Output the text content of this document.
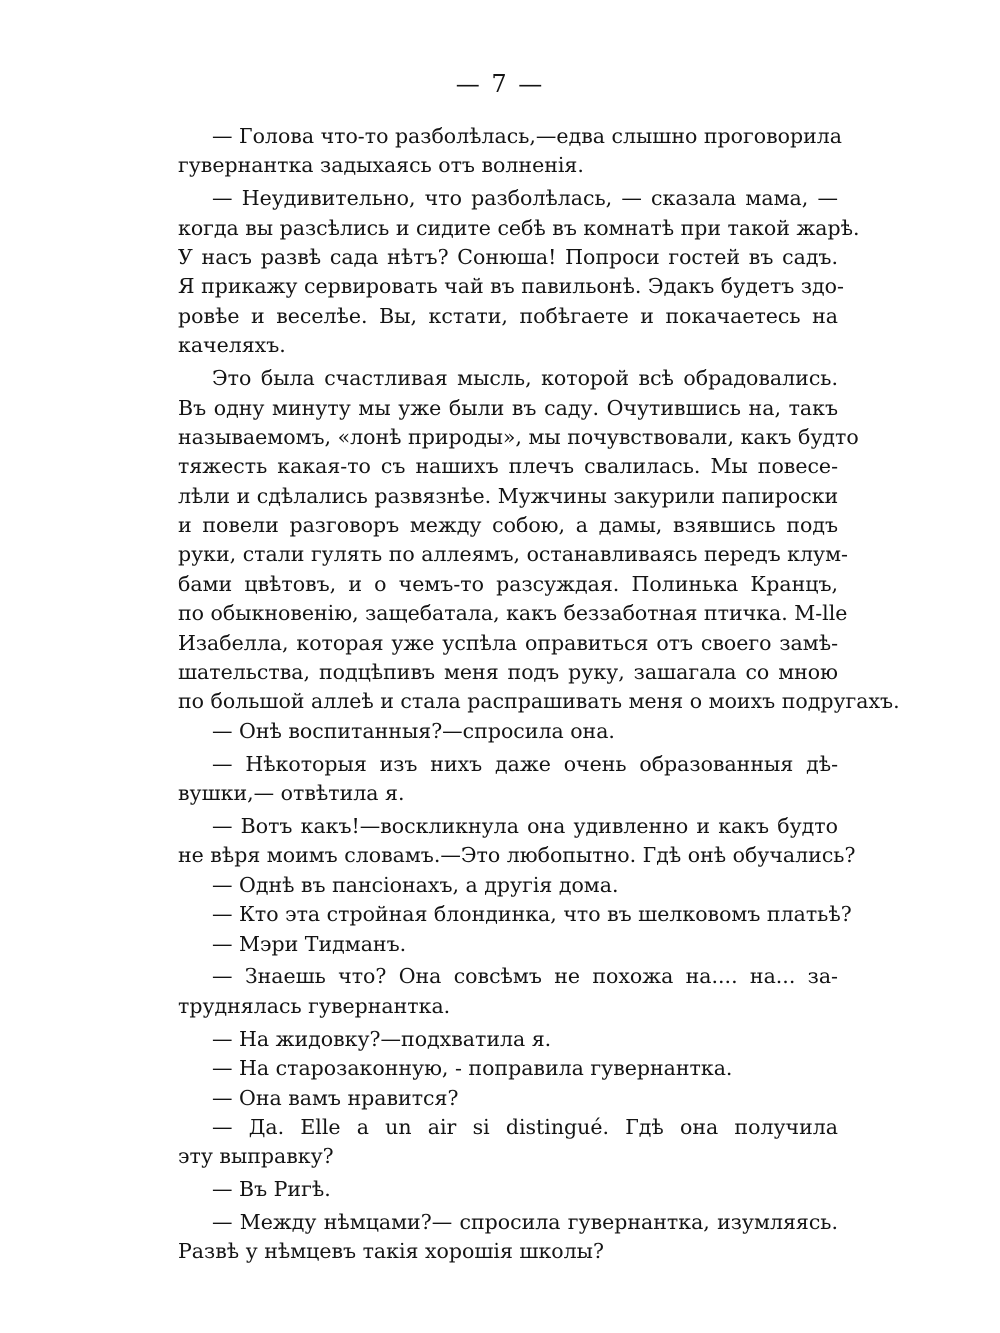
— 7 —
— Голова что-то разболѣлась,—едва слышно проговорила
гувернантка задыхаясь отъ волненія.
— Неудивительно, что разболѣлась, — сказала мама, —
когда вы разсѣлись и сидите себѣ въ комнатѣ при такой жарѣ.
У насъ развѣ сада нѣтъ? Сонюша! Попроси гостей въ садъ.
Я прикажу сервировать чай въ павильонѣ. Эдакъ будетъ здо-
ровѣе и веселѣе. Вы, кстати, побѣгаете и покачаетесь на
качеляхъ.
Это была счастливая мысль, которой всѣ обрадовались.
Въ одну минуту мы уже были въ саду. Очутившись на, такъ
называемомъ, «лонѣ природы», мы почувствовали, какъ будто
тяжесть какая-то съ нашихъ плечъ свалилась. Мы повесе-
лѣли и сдѣлались развязнѣе. Мужчины закурили папироски
и повели разговоръ между собою, а дамы, взявшись подъ
руки, стали гулять по аллеямъ, останавливаясь передъ клум-
бами цвѣтовъ, и о чемъ-то разсуждая. Полинька Кранцъ,
по обыкновенію, защебатала, какъ беззаботная птичка. М-lle
Изабелла, которая уже успѣла оправиться отъ своего замѣ-
шательства, подцѣпивъ меня подъ руку, зашагала со мною
по большой аллеѣ и стала распрашивать меня о моихъ подругахъ.
— Онѣ воспитанныя?—спросила она.
— Нѣкоторыя изъ нихъ даже очень образованныя дѣ-
вушки,— отвѣтила я.
— Вотъ какъ!—воскликнула она удивленно и какъ будто
не вѣря моимъ словамъ.—Это любопытно. Гдѣ онѣ обучались?
— Однѣ въ пансіонахъ, а другія дома.
— Кто эта стройная блондинка, что въ шелковомъ платьѣ?
— Мэри Тидманъ.
— Знаешь что? Она совсѣмъ не похожа на.... на... за-
труднялась гувернантка.
— На жидовку?—подхватила я.
— На старозаконную, - поправила гувернантка.
— Она вамъ нравится?
— Да. Elle a un air si distingué. Гдѣ она получила
эту выправку?
— Въ Ригѣ.
— Между нѣмцами?— спросила гувернантка, изумляясь.
Развѣ у нѣмцевъ такія хорошія школы?
